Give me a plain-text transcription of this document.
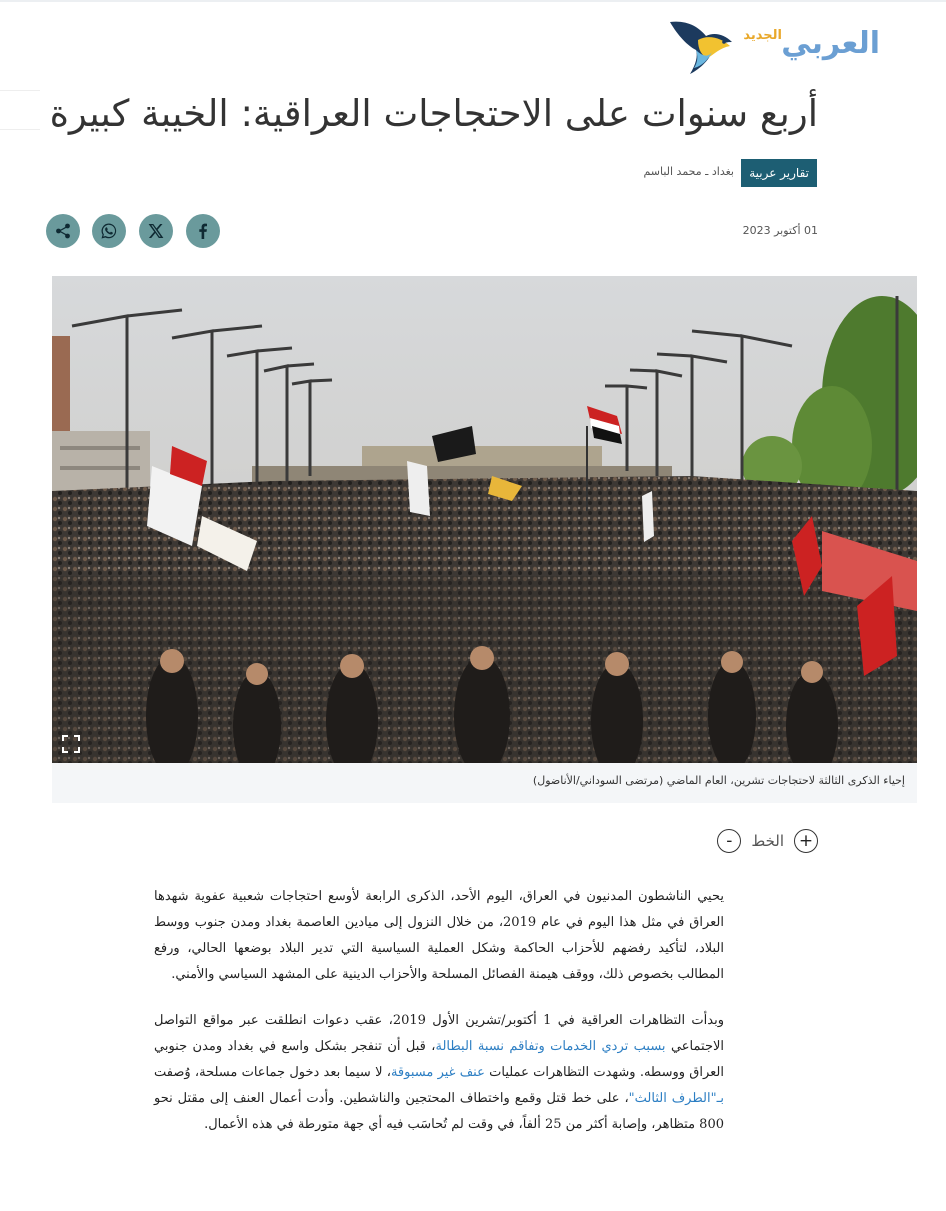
العربي
الجديد
أربع سنوات على الاحتجاجات العراقية: الخيبة كبيرة
تقارير عربية
بغداد ـ محمد الباسم
01 أكتوبر 2023
إحياء الذكرى الثالثة لاحتجاجات تشرين، العام الماضي (مرتضى السوداني/الأناضول)
+
الخط
-

يحيي الناشطون المدنيون في العراق، اليوم الأحد، الذكرى الرابعة لأوسع احتجاجات شعبية عفوية شهدها العراق في مثل هذا اليوم في عام 2019، من خلال النزول إلى ميادين العاصمة بغداد ومدن جنوب ووسط البلاد، لتأكيد رفضهم للأحزاب الحاكمة وشكل العملية السياسية التي تدير البلاد بوضعها الحالي، ورفع المطالب بخصوص ذلك، ووقف هيمنة الفصائل المسلحة والأحزاب الدينية على المشهد السياسي والأمني.

وبدأت التظاهرات العراقية في 1 أكتوبر/تشرين الأول 2019، عقب دعوات انطلقت عبر مواقع التواصل الاجتماعي بسبب تردي الخدمات وتفاقم نسبة البطالة، قبل أن تنفجر بشكل واسع في بغداد ومدن جنوبي العراق ووسطه. وشهدت التظاهرات عمليات عنف غير مسبوقة، لا سيما بعد دخول جماعات مسلحة، وُصفت بـ"الطرف الثالث"، على خط قتل وقمع واختطاف المحتجين والناشطين. وأدت أعمال العنف إلى مقتل نحو 800 متظاهر، وإصابة أكثر من 25 ألفاً، في وقت لم تُحاسَب فيه أي جهة متورطة في هذه الأعمال.
